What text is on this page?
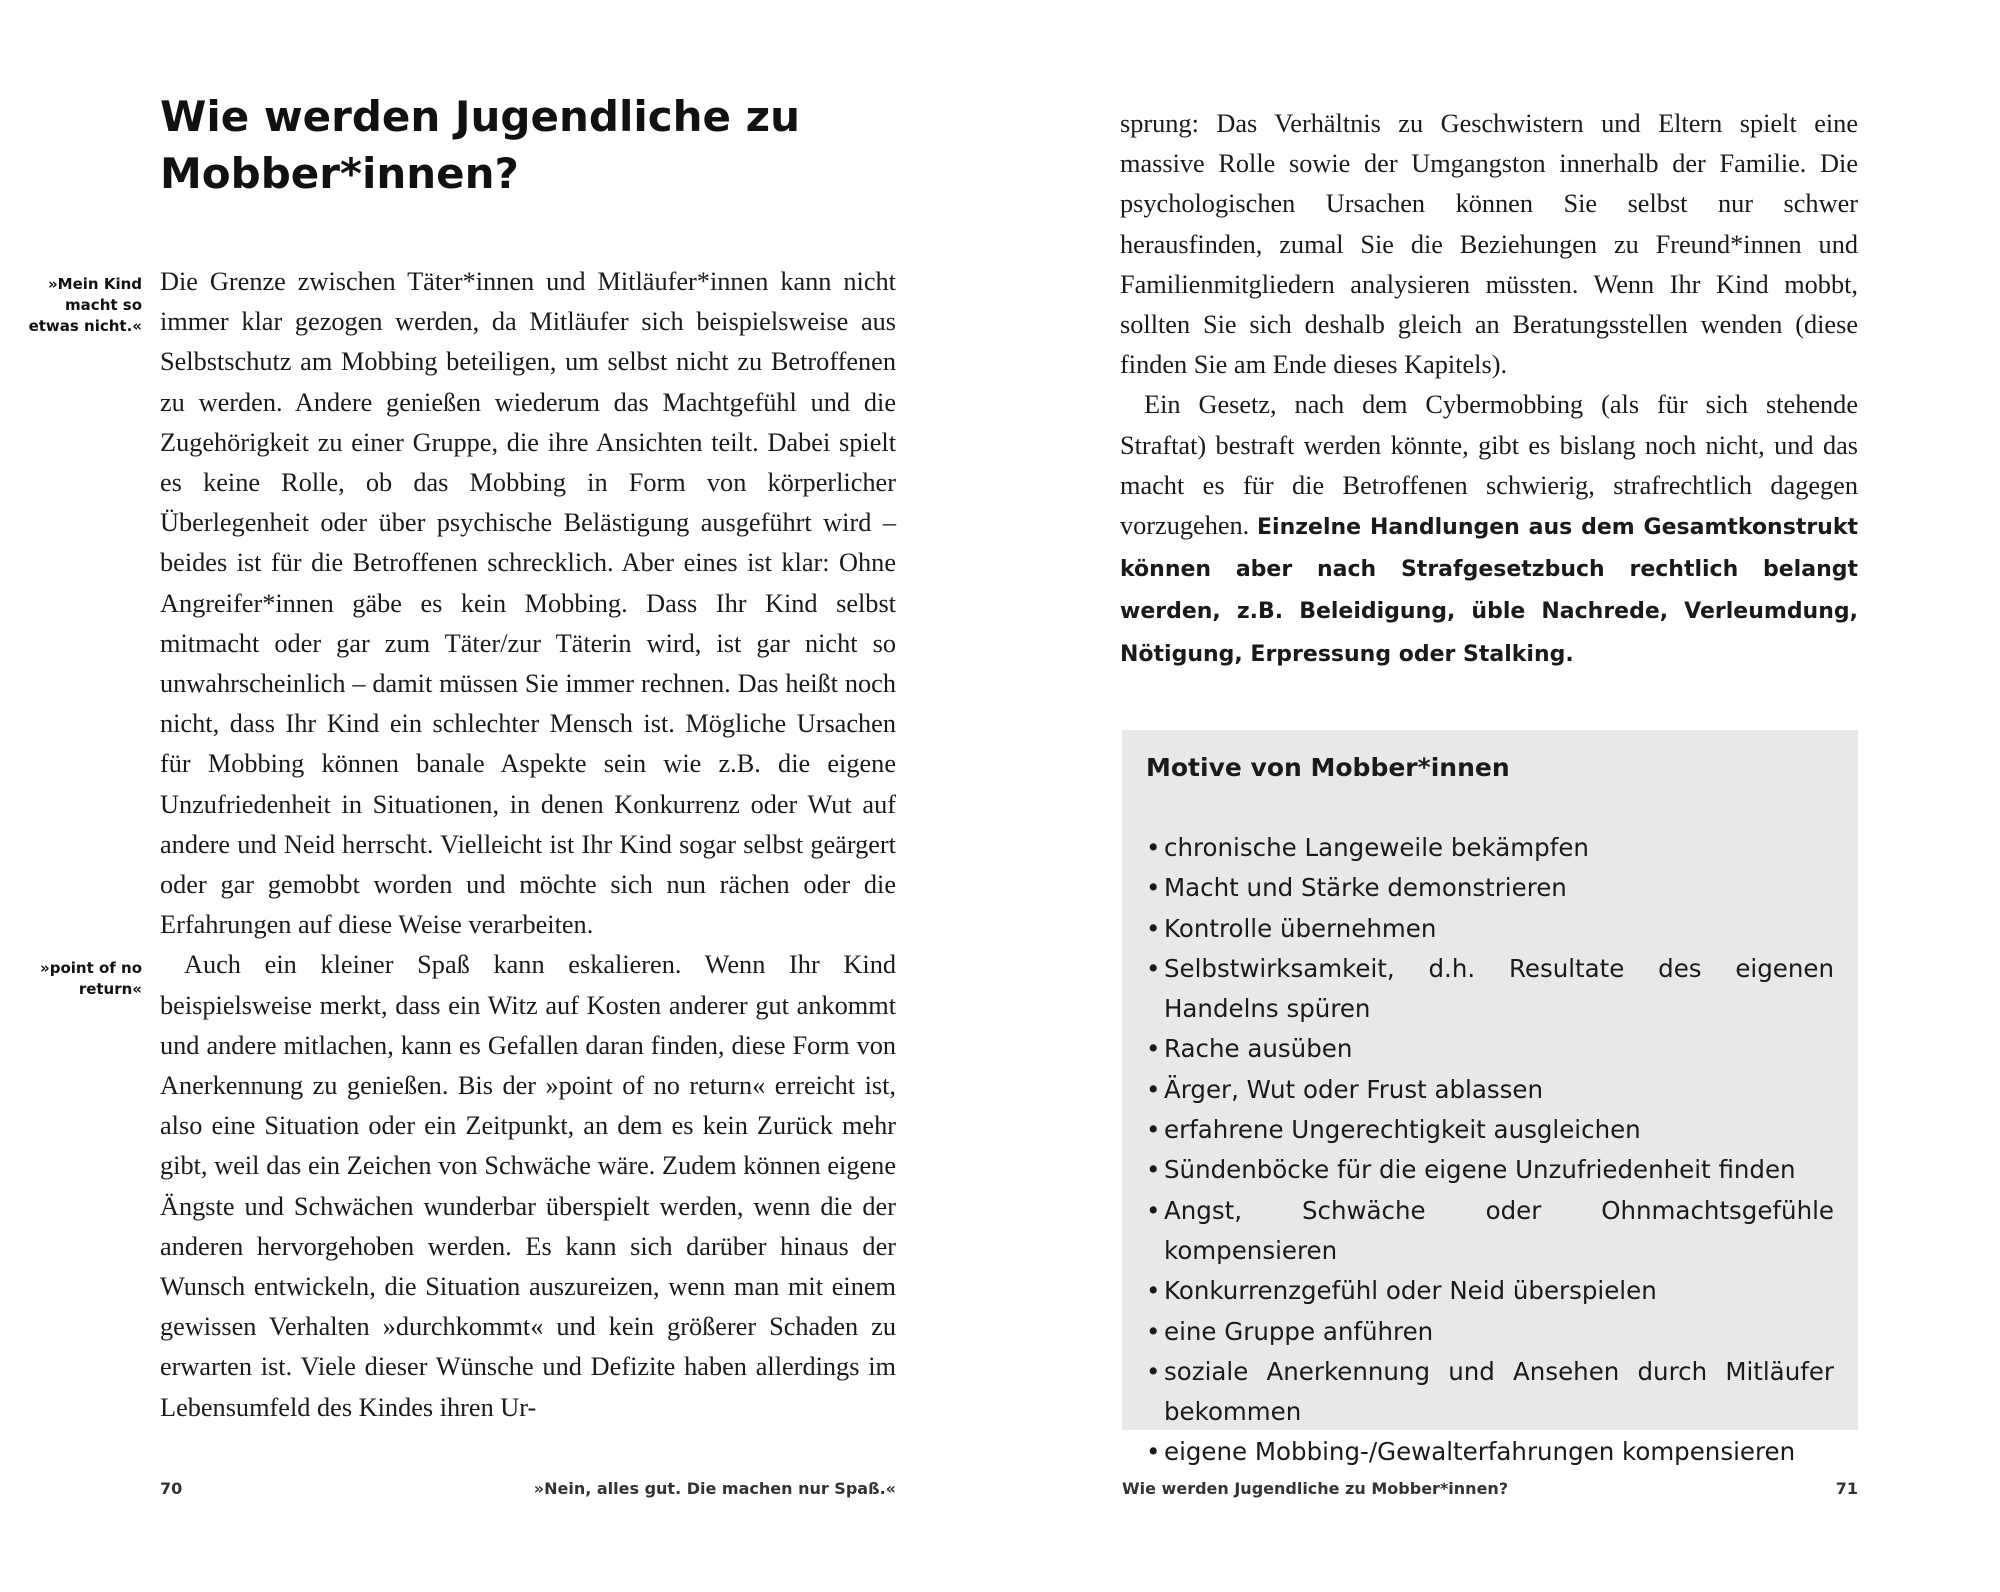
Wie werden Jugendliche zu Mobber*innen?
»Mein Kind macht so etwas nicht.«
»point of no return«

Die Grenze zwischen Täter*innen und Mitläufer*innen kann nicht immer klar gezogen werden, da Mitläufer sich beispielsweise aus Selbstschutz am Mobbing beteiligen, um selbst nicht zu Betroffenen zu werden. Andere genießen wiederum das Machtgefühl und die Zugehörigkeit zu einer Gruppe, die ihre Ansichten teilt. Dabei spielt es keine Rolle, ob das Mobbing in Form von körperlicher Überlegenheit oder über psychische Belästigung ausgeführt wird – beides ist für die Betroffenen schrecklich. Aber eines ist klar: Ohne Angreifer*innen gäbe es kein Mobbing. Dass Ihr Kind selbst mitmacht oder gar zum Täter/zur Täterin wird, ist gar nicht so unwahrscheinlich – damit müssen Sie immer rechnen. Das heißt noch nicht, dass Ihr Kind ein schlechter Mensch ist. Mögliche Ursachen für Mobbing können banale Aspekte sein wie z.B. die eigene Unzufriedenheit in Situationen, in denen Konkurrenz oder Wut auf andere und Neid herrscht. Vielleicht ist Ihr Kind sogar selbst geärgert oder gar gemobbt worden und möchte sich nun rächen oder die Erfahrungen auf diese Weise verarbeiten.

Auch ein kleiner Spaß kann eskalieren. Wenn Ihr Kind beispielsweise merkt, dass ein Witz auf Kosten anderer gut ankommt und andere mitlachen, kann es Gefallen daran finden, diese Form von Anerkennung zu genießen. Bis der »point of no return« erreicht ist, also eine Situation oder ein Zeitpunkt, an dem es kein Zurück mehr gibt, weil das ein Zeichen von Schwäche wäre. Zudem können eigene Ängste und Schwächen wunderbar überspielt werden, wenn die der anderen hervorgehoben werden. Es kann sich darüber hinaus der Wunsch entwickeln, die Situation auszureizen, wenn man mit einem gewissen Verhalten »durchkommt« und kein größerer Schaden zu erwarten ist. Viele dieser Wünsche und Defizite haben allerdings im Lebensumfeld des Kindes ihren Ur-

70	»Nein, alles gut. Die machen nur Spaß.«

sprung: Das Verhältnis zu Geschwistern und Eltern spielt eine massive Rolle sowie der Umgangston innerhalb der Familie. Die psychologischen Ursachen können Sie selbst nur schwer herausfinden, zumal Sie die Beziehungen zu Freund*innen und Familienmitgliedern analysieren müssten. Wenn Ihr Kind mobbt, sollten Sie sich deshalb gleich an Beratungsstellen wenden (diese finden Sie am Ende dieses Kapitels).

Ein Gesetz, nach dem Cybermobbing (als für sich stehende Straftat) bestraft werden könnte, gibt es bislang noch nicht, und das macht es für die Betroffenen schwierig, strafrechtlich dagegen vorzugehen. Einzelne Handlungen aus dem Gesamtkonstrukt können aber nach Strafgesetzbuch rechtlich belangt werden, z.B. Beleidigung, üble Nachrede, Verleumdung, Nötigung, Erpressung oder Stalking.

Motive von Mobber*innen
• chronische Langeweile bekämpfen
• Macht und Stärke demonstrieren
• Kontrolle übernehmen
• Selbstwirksamkeit, d.h. Resultate des eigenen Handelns spüren
• Rache ausüben
• Ärger, Wut oder Frust ablassen
• erfahrene Ungerechtigkeit ausgleichen
• Sündenböcke für die eigene Unzufriedenheit finden
• Angst, Schwäche oder Ohnmachtsgefühle kompensieren
• Konkurrenzgefühl oder Neid überspielen
• eine Gruppe anführen
• soziale Anerkennung und Ansehen durch Mitläufer bekommen
• eigene Mobbing-/Gewalterfahrungen kompensieren
Wie werden Jugendliche zu Mobber*innen?	71
